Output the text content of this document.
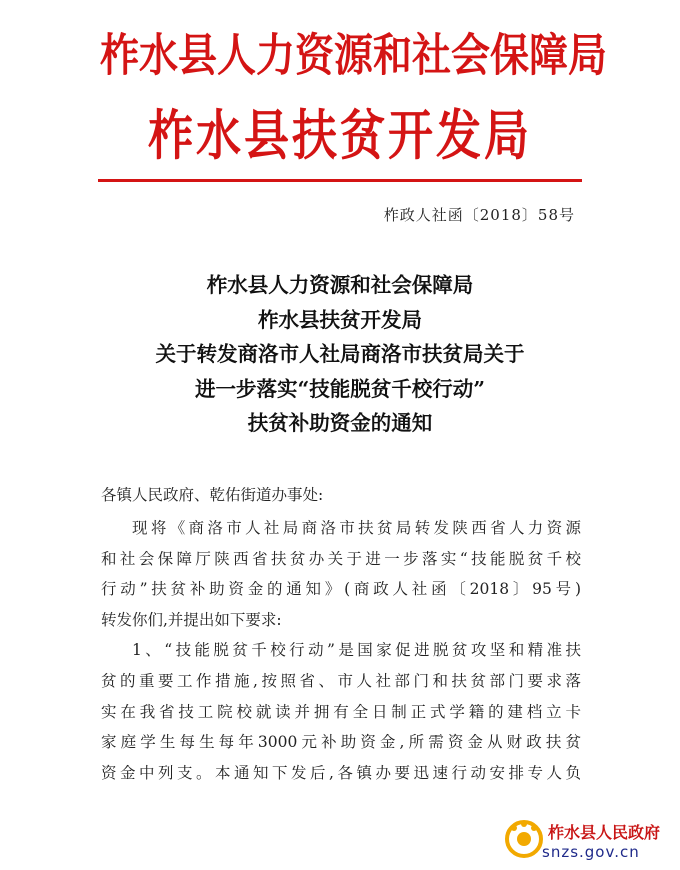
柞水县人力资源和社会保障局
柞水县扶贫开发局
柞政人社函〔2018〕58号
柞水县人力资源和社会保障局
柞水县扶贫开发局
关于转发商洛市人社局商洛市扶贫局关于
进一步落实“技能脱贫千校行动”
扶贫补助资金的通知
各镇人民政府、乾佑街道办事处:
现将《商洛市人社局商洛市扶贫局转发陕西省人力资源
和社会保障厅陕西省扶贫办关于进一步落实“技能脱贫千校
行动”扶贫补助资金的通知》(商政人社函〔2018〕95号)
转发你们,并提出如下要求:
1、“技能脱贫千校行动”是国家促进脱贫攻坚和精准扶
贫的重要工作措施,按照省、市人社部门和扶贫部门要求落
实在我省技工院校就读并拥有全日制正式学籍的建档立卡
家庭学生每生每年3000元补助资金,所需资金从财政扶贫
资金中列支。本通知下发后,各镇办要迅速行动安排专人负
柞水县人民政府
snzs.gov.cn
